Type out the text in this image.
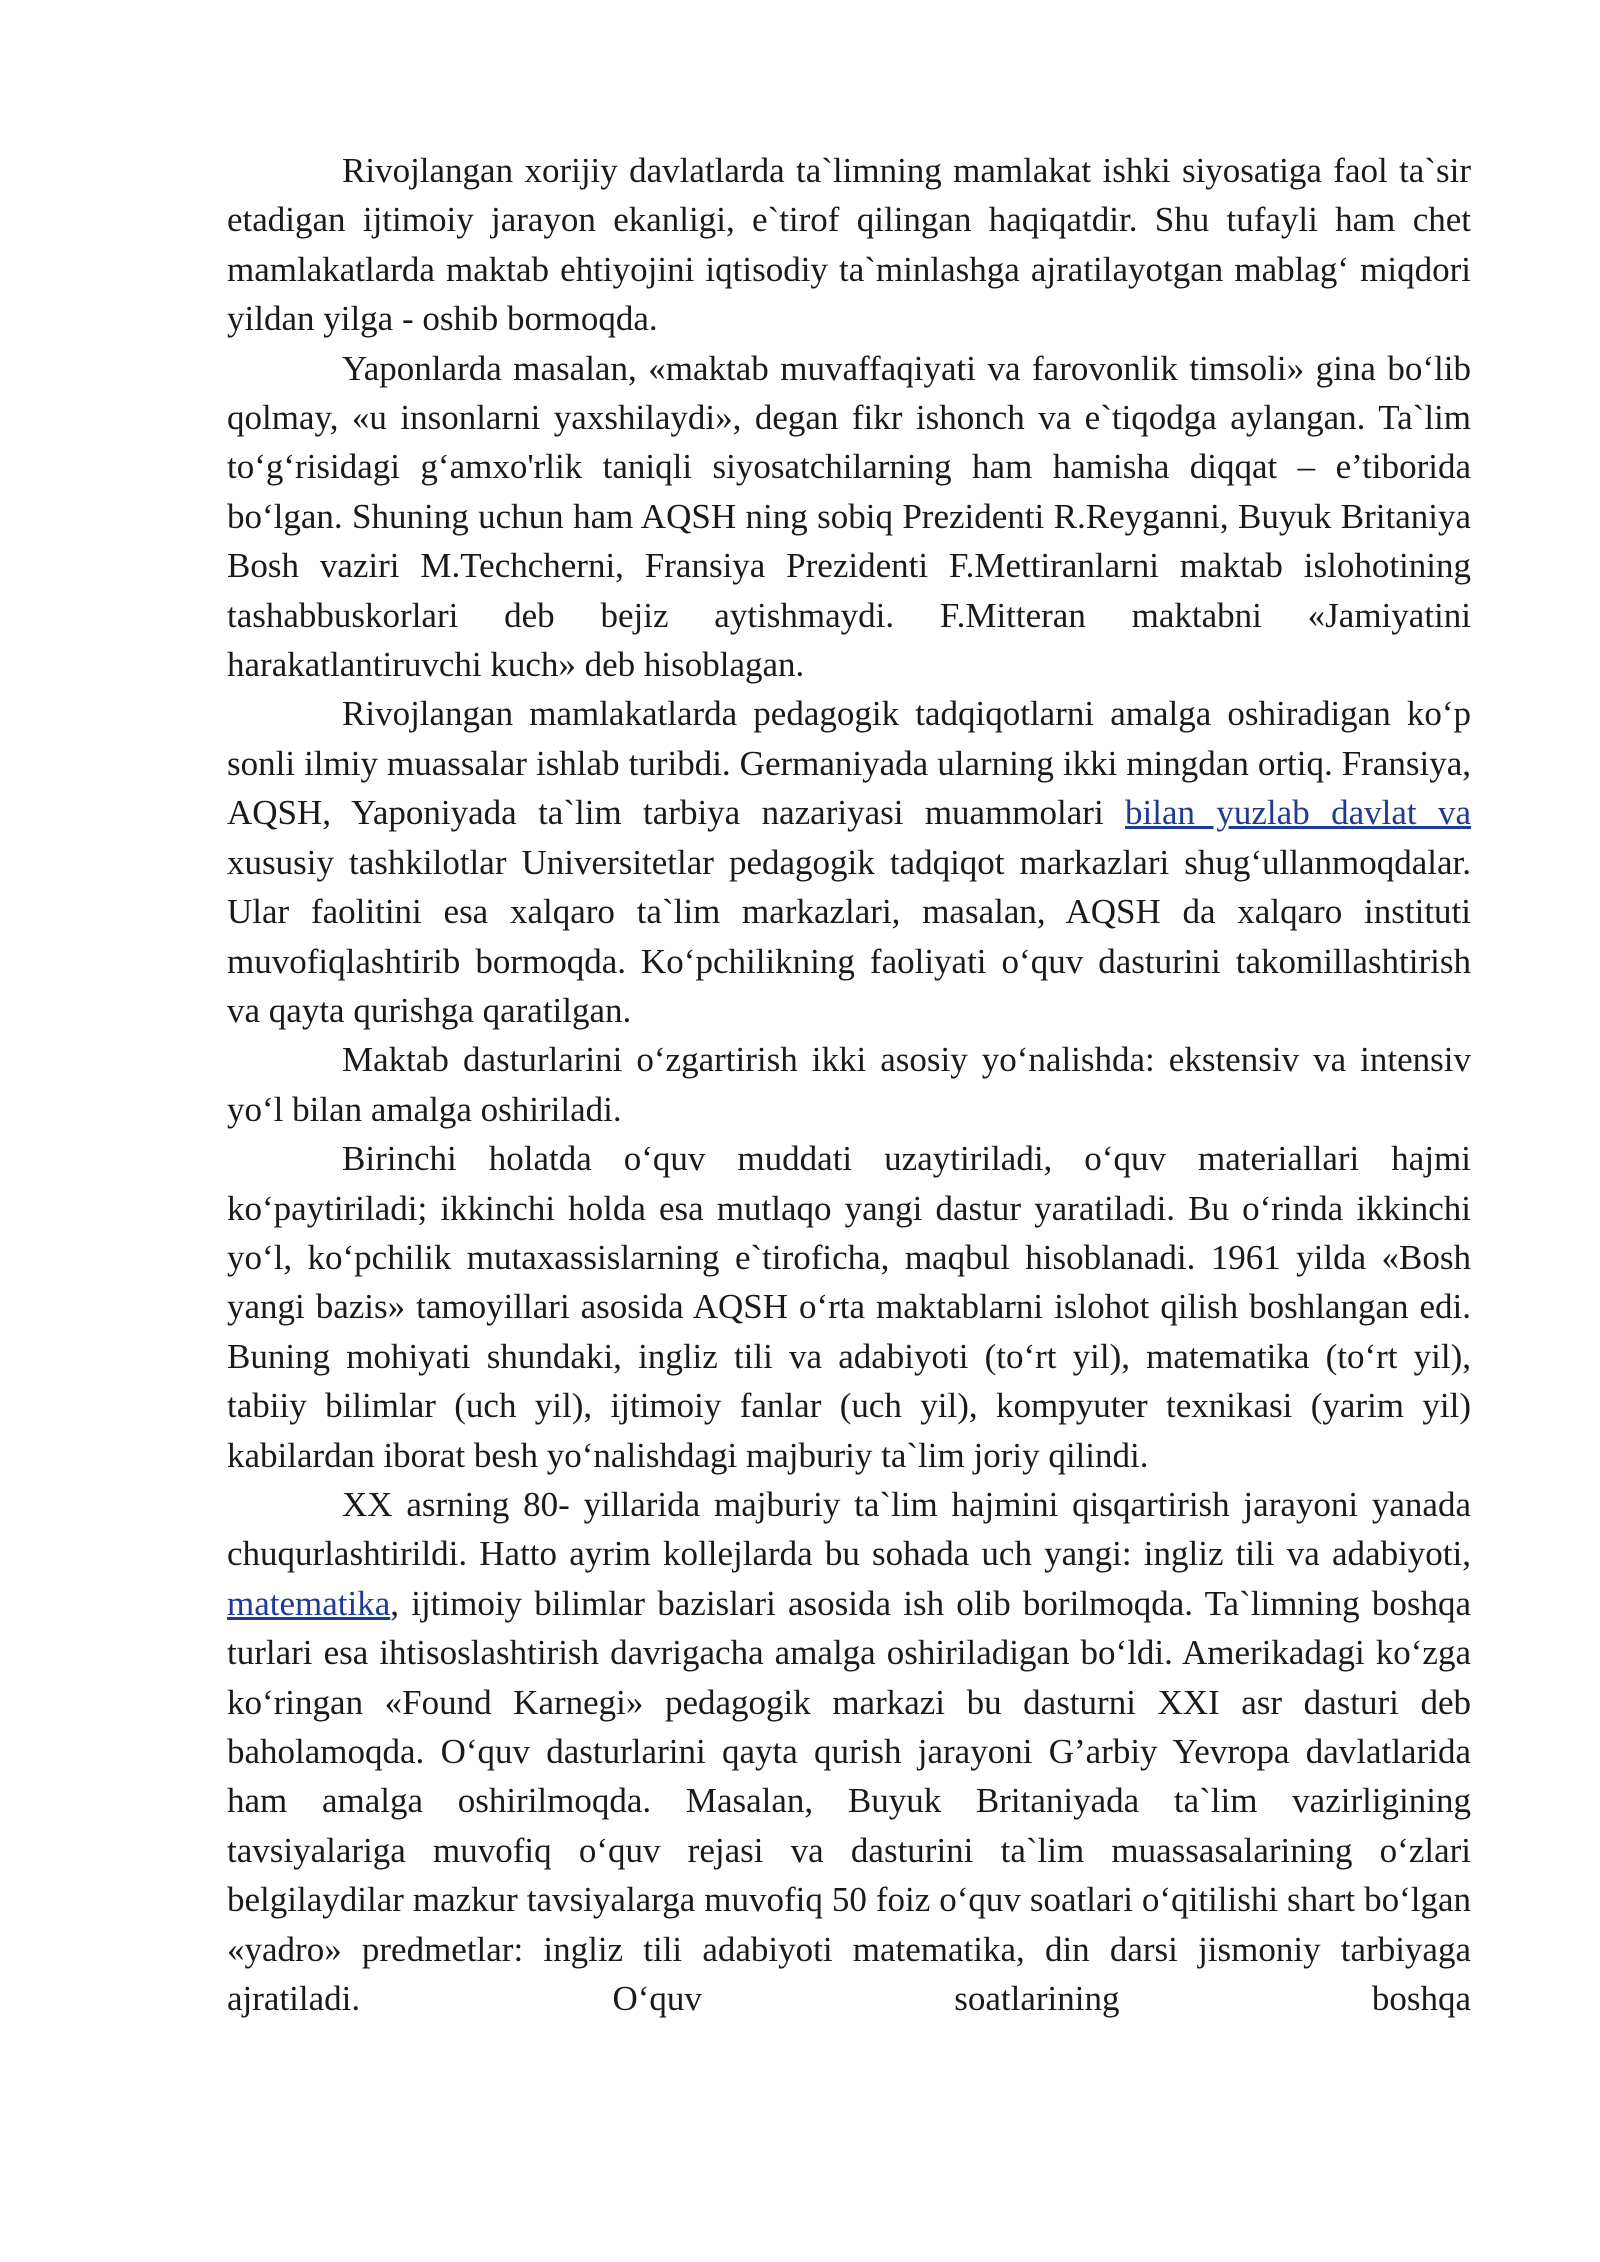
Rivojlangan xorijiy davlatlarda ta`limning mamlakat ishki siyosatiga faol ta`sir etadigan ijtimoiy jarayon ekanligi, e`tirof qilingan haqiqatdir. Shu tufayli ham chet mamlakatlarda maktab ehtiyojini iqtisodiy ta`minlashga ajratilayotgan mablag‘ miqdori yildan yilga - oshib bormoqda.

Yaponlarda masalan, «maktab muvaffaqiyati va farovonlik timsoli» gina bo‘lib qolmay, «u insonlarni yaxshilaydi», degan fikr ishonch va e`tiqodga aylangan. Ta`lim to‘g‘risidagi g‘amxo'rlik taniqli siyosatchilarning ham hamisha diqqat – e’tiborida bo‘lgan. Shuning uchun ham AQSH ning sobiq Prezidenti R.Reyganni, Buyuk Britaniya Bosh vaziri M.Techcherni, Fransiya Prezidenti F.Mettiranlarni maktab islohotining tashabbuskorlari deb bejiz aytishmaydi. F.Mitteran maktabni «Jamiyatini harakatlantiruvchi kuch» deb hisoblagan.

Rivojlangan mamlakatlarda pedagogik tadqiqotlarni amalga oshiradigan ko‘p sonli ilmiy muassalar ishlab turibdi. Germaniyada ularning ikki mingdan ortiq. Fransiya, AQSH, Yaponiyada ta`lim tarbiya nazariyasi muammolari bilan yuzlab davlat va xususiy tashkilotlar Universitetlar pedagogik tadqiqot markazlari shug‘ullanmoqdalar. Ular faolitini esa xalqaro ta`lim markazlari, masalan, AQSH da xalqaro instituti muvofiqlashtirib bormoqda. Ko‘pchilikning faoliyati o‘quv dasturini takomillashtirish va qayta qurishga qaratilgan.

Maktab dasturlarini o‘zgartirish ikki asosiy yo‘nalishda: ekstensiv va intensiv yo‘l bilan amalga oshiriladi.

Birinchi holatda o‘quv muddati uzaytiriladi, o‘quv materiallari hajmi ko‘paytiriladi; ikkinchi holda esa mutlaqo yangi dastur yaratiladi. Bu o‘rinda ikkinchi yo‘l, ko‘pchilik mutaxassislarning e`tiroficha, maqbul hisoblanadi. 1961 yilda «Bosh yangi bazis» tamoyillari asosida AQSH o‘rta maktablarni islohot qilish boshlangan edi. Buning mohiyati shundaki, ingliz tili va adabiyoti (to‘rt yil), matematika (to‘rt yil), tabiiy bilimlar (uch yil), ijtimoiy fanlar (uch yil), kompyuter texnikasi (yarim yil) kabilardan iborat besh yo‘nalishdagi majburiy ta`lim joriy qilindi.

XX asrning 80- yillarida majburiy ta`lim hajmini qisqartirish jarayoni yanada chuqurlashtirildi. Hatto ayrim kollejlarda bu sohada uch yangi: ingliz tili va adabiyoti, matematika, ijtimoiy bilimlar bazislari asosida ish olib borilmoqda. Ta`limning boshqa turlari esa ihtisoslashtirish davrigacha amalga oshiriladigan bo‘ldi. Amerikadagi ko‘zga ko‘ringan «Found Karnegi» pedagogik markazi bu dasturni XXI asr dasturi deb baholamoqda. O‘quv dasturlarini qayta qurish jarayoni G’arbiy Yevropa davlatlarida ham amalga oshirilmoqda. Masalan, Buyuk Britaniyada ta`lim vazirligining tavsiyalariga muvofiq o‘quv rejasi va dasturini ta`lim muassasalarining o‘zlari belgilaydilar mazkur tavsiyalarga muvofiq 50 foiz o‘quv soatlari o‘qitilishi shart bo‘lgan «yadro» predmetlar: ingliz tili adabiyoti matematika, din darsi jismoniy tarbiyaga ajratiladi. O‘quv soatlarining boshqa
